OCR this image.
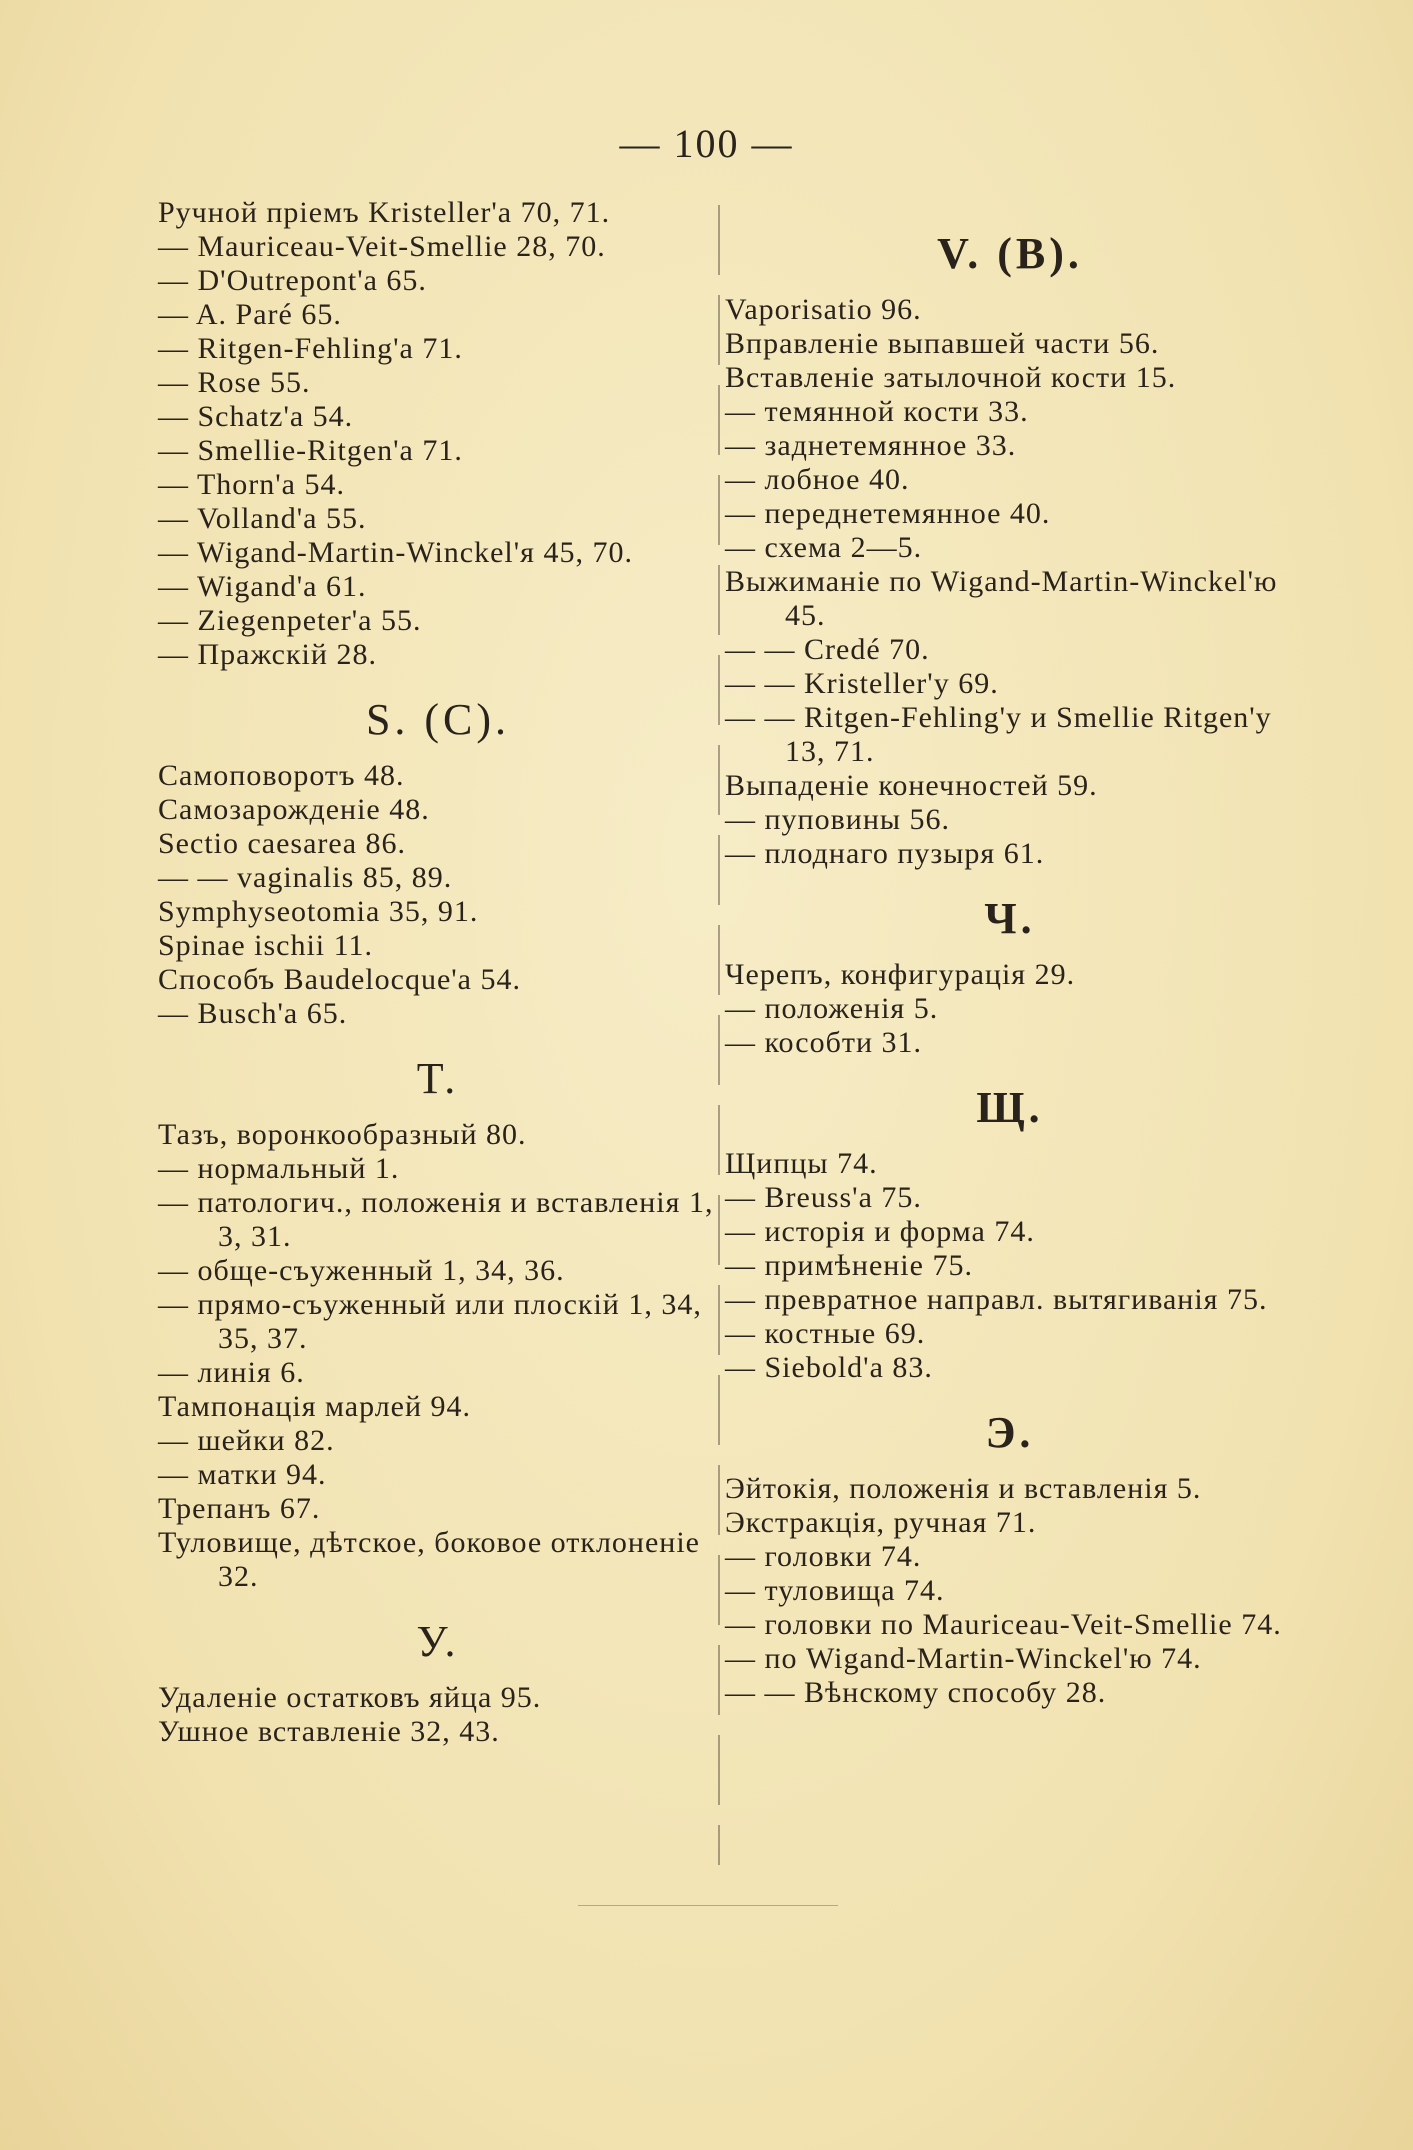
— 100 —
Ручной пріемъ Kristeller'a 70, 71.
— Mauriceau-Veit-Smellie 28, 70.
— D'Outrepont'a 65.
— A. Paré 65.
— Ritgen-Fehling'a 71.
— Rose 55.
— Schatz'a 54.
— Smellie-Ritgen'a 71.
— Thorn'a 54.
— Volland'a 55.
— Wigand-Martin-Winckel'я 45, 70.
— Wigand'a 61.
— Ziegenpeter'a 55.
— Пражскій 28.
S. (C).
Самоповоротъ 48.
Самозарожденіе 48.
Sectio caesarea 86.
— — vaginalis 85, 89.
Symphyseotomia 35, 91.
Spinae ischii 11.
Способъ Baudelocque'a 54.
— Busch'a 65.
T.
Тазъ, воронкообразный 80.
— нормальный 1.
— патологич., положенія и вставленія 1, 3, 31.
— обще-съуженный 1, 34, 36.
— прямо-съуженный или плоскій 1, 34, 35, 37.
— линія 6.
Тампонація марлей 94.
— шейки 82.
— матки 94.
Трепанъ 67.
Туловище, дѣтское, боковое отклоненіе 32.
У.
Удаленіе остатковъ яйца 95.
Ушное вставленіе 32, 43.
V. (B).
Vaporisatio 96.
Вправленіе выпавшей части 56.
Вставленіе затылочной кости 15.
— темянной кости 33.
— заднетемянное 33.
— лобное 40.
— переднетемянное 40.
— схема 2—5.
Выжиманіе по Wigand-Martin-Winckel'ю 45.
— — Credé 70.
— — Kristeller'у 69.
— — Ritgen-Fehling'у и Smellie Ritgen'у 13, 71.
Выпаденіе конечностей 59.
— пуповины 56.
— плоднаго пузыря 61.
Ч.
Черепъ, конфигурація 29.
— положенія 5.
— кособти 31.
Щ.
Щипцы 74.
— Breuss'a 75.
— исторія и форма 74.
— примѣненіе 75.
— превратное направл. вытягиванія 75.
— костные 69.
— Siebold'a 83.
Э.
Эйтокія, положенія и вставленія 5.
Экстракція, ручная 71.
— головки 74.
— туловища 74.
— головки по Mauriceau-Veit-Smellie 74.
— по Wigand-Martin-Winckel'ю 74.
— — Вѣнскому способу 28.
